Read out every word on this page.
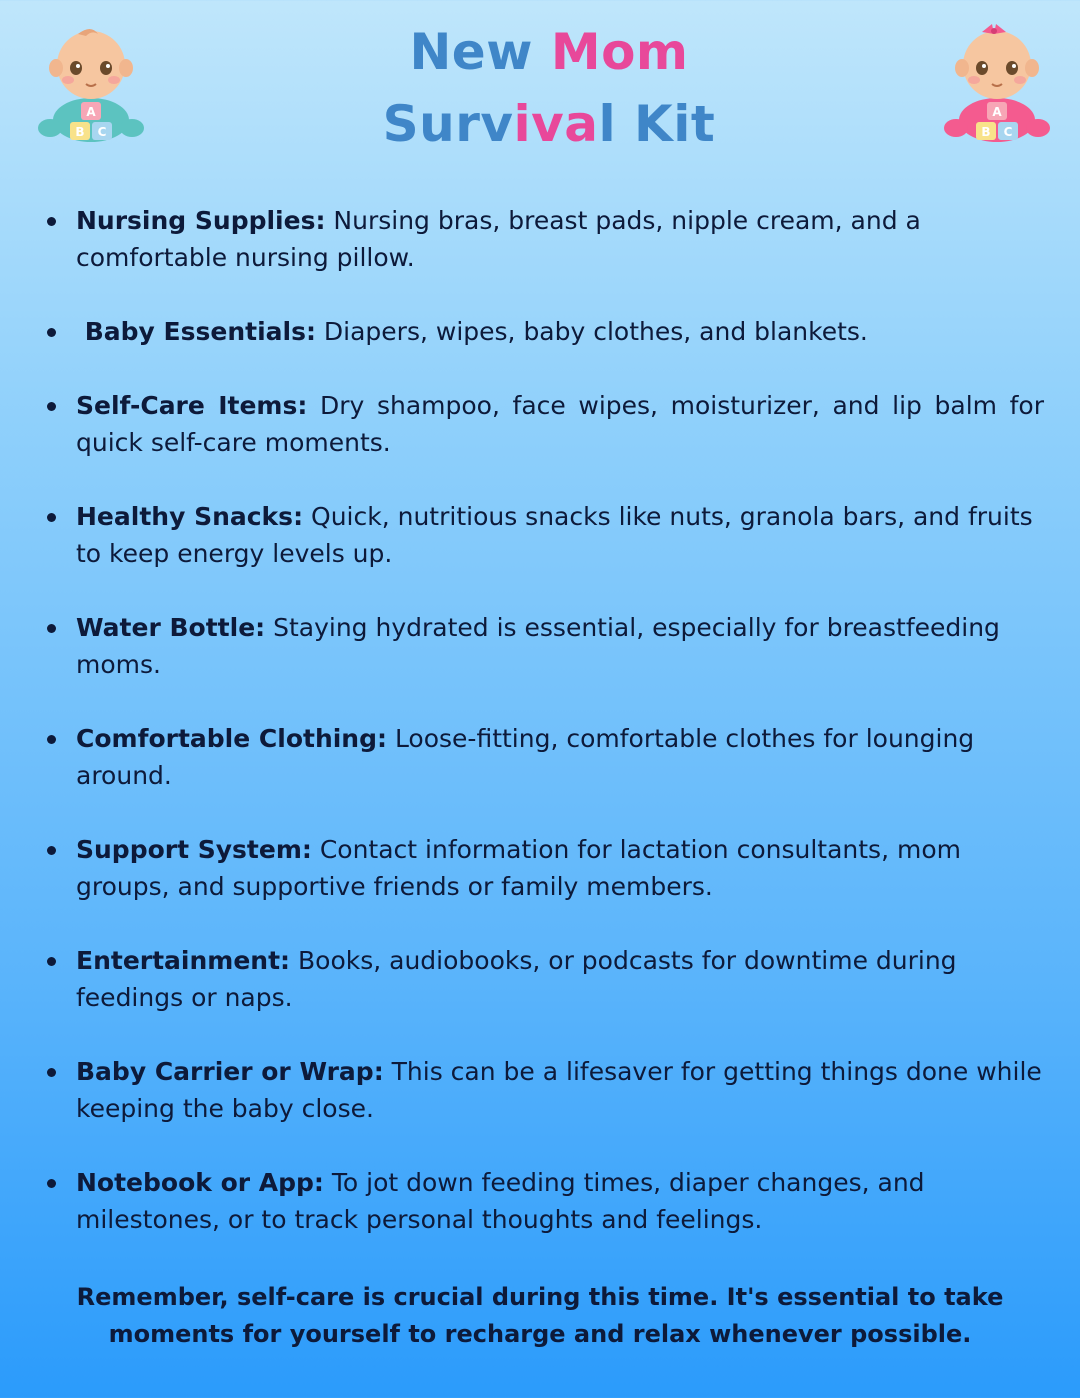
A
B C
New Mom
Survival Kit	A
B C
Nursing Supplies: Nursing bras, breast pads, nipple cream, and a comfortable nursing pillow.
Baby Essentials: Diapers, wipes, baby clothes, and blankets.
Self-Care Items: Dry shampoo, face wipes, moisturizer, and lip balm for quick self-care moments.
Healthy Snacks: Quick, nutritious snacks like nuts, granola bars, and fruits to keep energy levels up.
Water Bottle: Staying hydrated is essential, especially for breastfeeding moms.
Comfortable Clothing: Loose-fitting, comfortable clothes for lounging around.
Support System: Contact information for lactation consultants, mom groups, and supportive friends or family members.
Entertainment: Books, audiobooks, or podcasts for downtime during feedings or naps.
Baby Carrier or Wrap: This can be a lifesaver for getting things done while keeping the baby close.
Notebook or App: To jot down feeding times, diaper changes, and milestones, or to track personal thoughts and feelings.
Remember, self-care is crucial during this time. It's essential to take moments for yourself to recharge and relax whenever possible.
